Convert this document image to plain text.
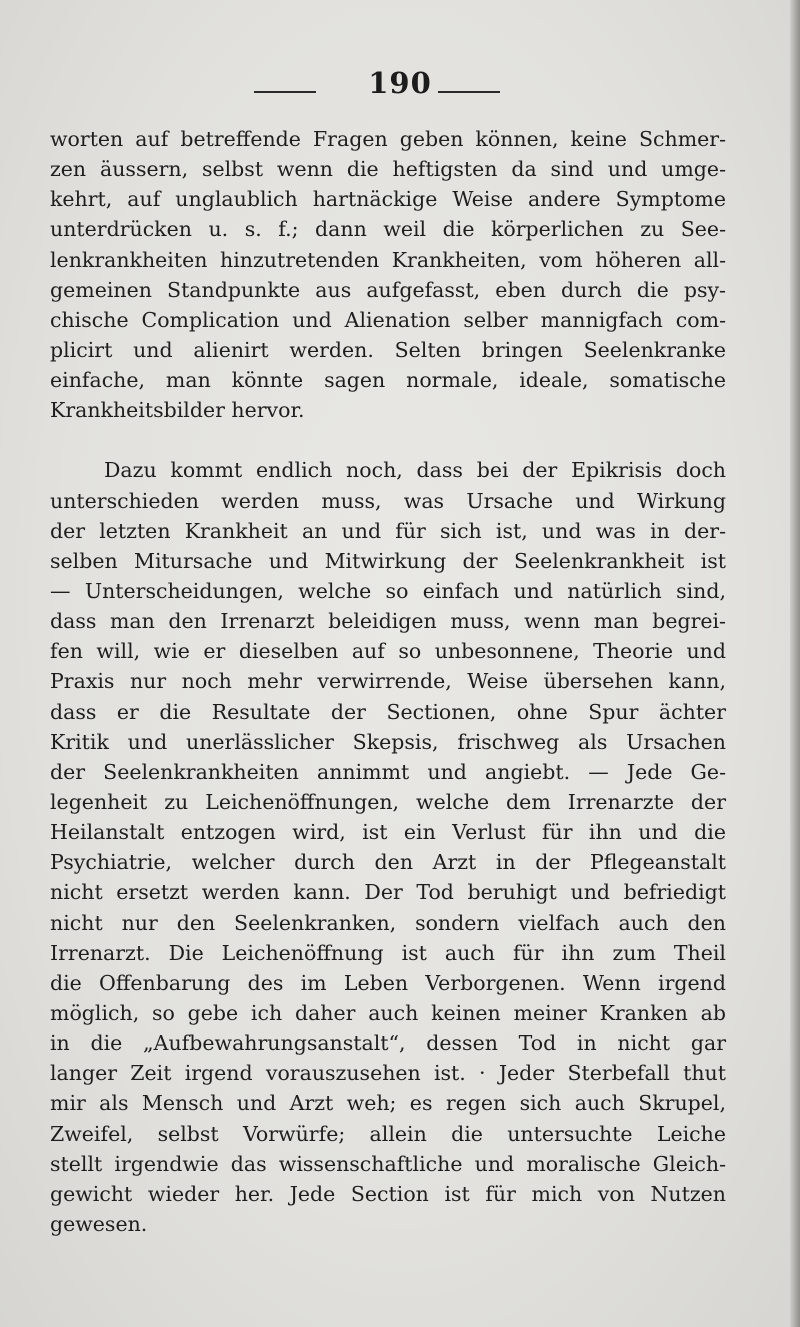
190
worten auf betreffende Fragen geben können, keine Schmer-
zen äussern, selbst wenn die heftigsten da sind und umge-
kehrt, auf unglaublich hartnäckige Weise andere Symptome
unterdrücken u. s. f.; dann weil die körperlichen zu See-
lenkrankheiten hinzutretenden Krankheiten, vom höheren all-
gemeinen Standpunkte aus aufgefasst, eben durch die psy-
chische Complication und Alienation selber mannigfach com-
plicirt und alienirt werden. Selten bringen Seelenkranke
einfache, man könnte sagen normale, ideale, somatische
Krankheitsbilder hervor.
Dazu kommt endlich noch, dass bei der Epikrisis doch
unterschieden werden muss, was Ursache und Wirkung
der letzten Krankheit an und für sich ist, und was in der-
selben Mitursache und Mitwirkung der Seelenkrankheit ist
— Unterscheidungen, welche so einfach und natürlich sind,
dass man den Irrenarzt beleidigen muss, wenn man begrei-
fen will, wie er dieselben auf so unbesonnene, Theorie und
Praxis nur noch mehr verwirrende, Weise übersehen kann,
dass er die Resultate der Sectionen, ohne Spur ächter
Kritik und unerlässlicher Skepsis, frischweg als Ursachen
der Seelenkrankheiten annimmt und angiebt. — Jede Ge-
legenheit zu Leichenöffnungen, welche dem Irrenarzte der
Heilanstalt entzogen wird, ist ein Verlust für ihn und die
Psychiatrie, welcher durch den Arzt in der Pflegeanstalt
nicht ersetzt werden kann. Der Tod beruhigt und befriedigt
nicht nur den Seelenkranken, sondern vielfach auch den
Irrenarzt. Die Leichenöffnung ist auch für ihn zum Theil
die Offenbarung des im Leben Verborgenen. Wenn irgend
möglich, so gebe ich daher auch keinen meiner Kranken ab
in die „Aufbewahrungsanstalt“, dessen Tod in nicht gar
langer Zeit irgend vorauszusehen ist. · Jeder Sterbefall thut
mir als Mensch und Arzt weh; es regen sich auch Skrupel,
Zweifel, selbst Vorwürfe; allein die untersuchte Leiche
stellt irgendwie das wissenschaftliche und moralische Gleich-
gewicht wieder her. Jede Section ist für mich von Nutzen
gewesen.
